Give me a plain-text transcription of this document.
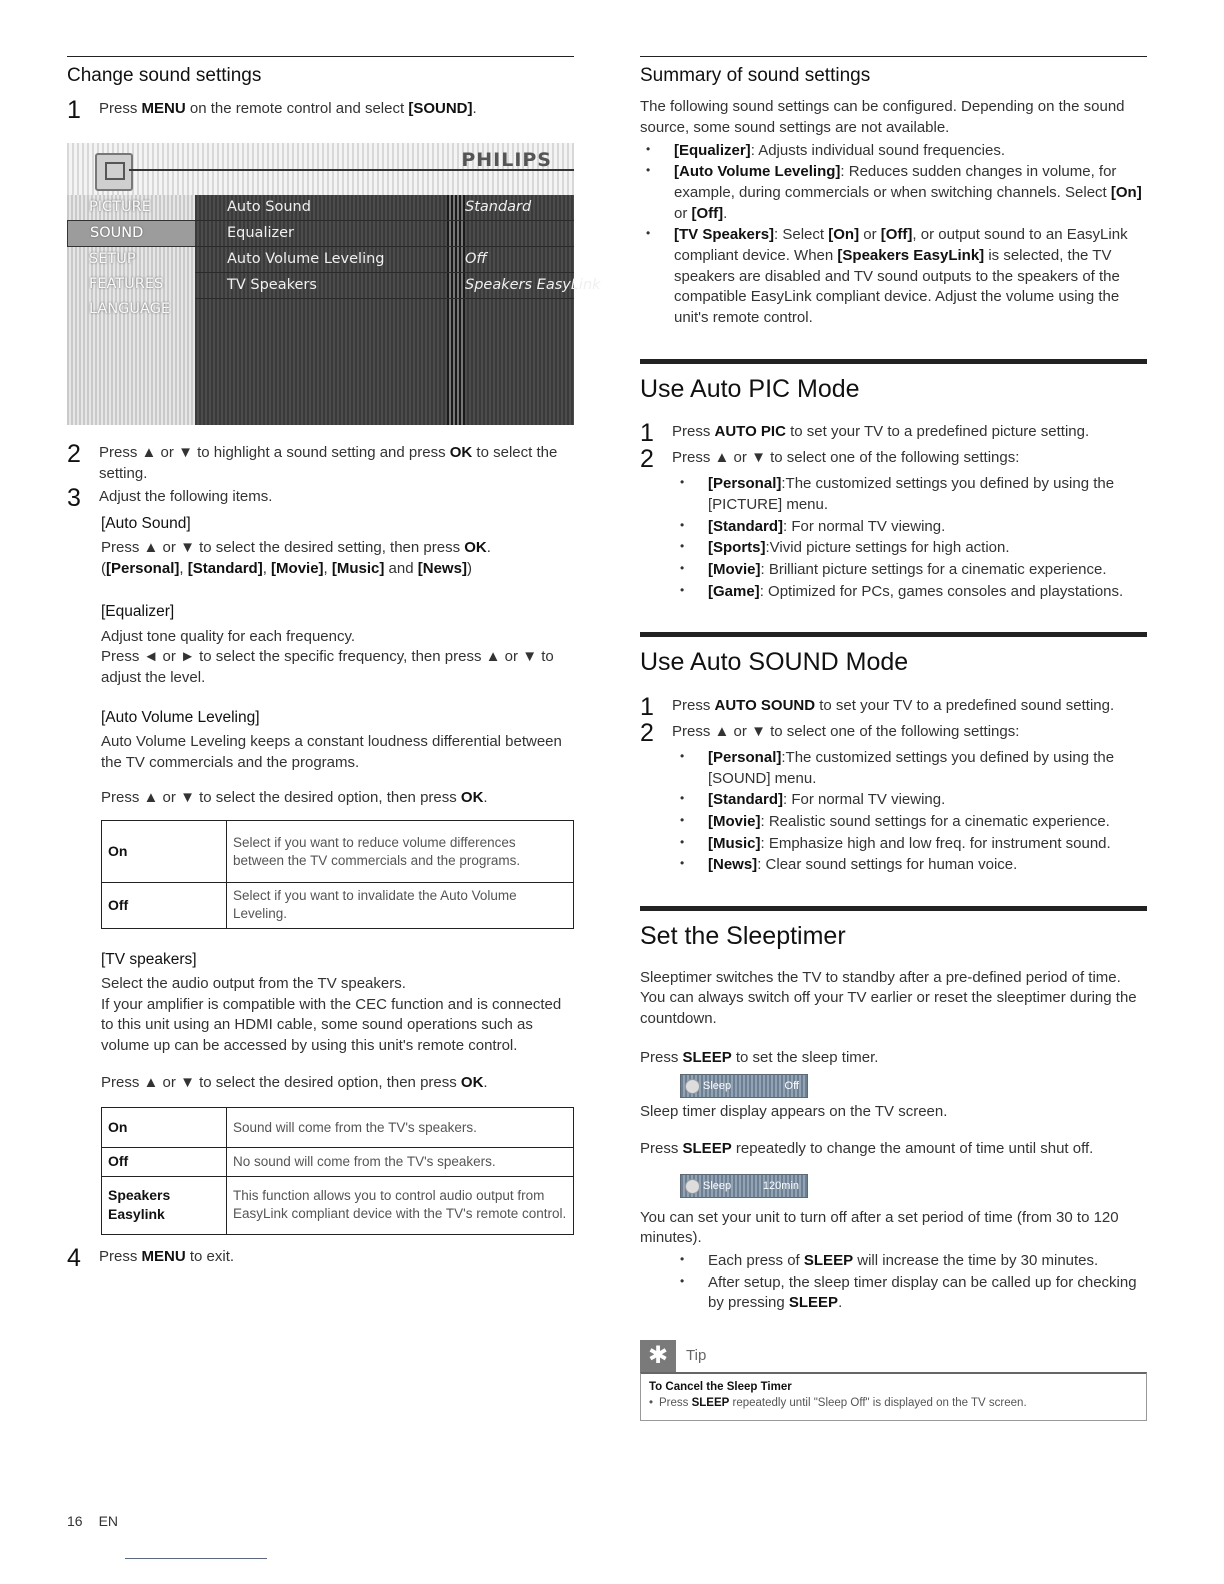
Change sound settings
1	Press MENU on the remote control and select [SOUND].
PHILIPS
PICTURE
SOUND
SETUP
FEATURES
LANGUAGE
Auto Sound	Standard
Equalizer
Auto Volume Leveling	Off
TV Speakers	Speakers EasyLink
2	Press ▲ or ▼ to highlight a sound setting and press OK to select the setting.
3	Adjust the following items.
[Auto Sound]

Press ▲ or ▼ to select the desired setting, then press OK.
([Personal], [Standard], [Movie], [Music] and [News])

[Equalizer]

Adjust tone quality for each frequency.

Press ◄ or ► to select the specific frequency, then press ▲ or ▼ to adjust the level.

[Auto Volume Leveling]

Auto Volume Leveling keeps a constant loudness differential between the TV commercials and the programs.

Press ▲ or ▼ to select the desired option, then press OK.

On	Select if you want to reduce volume differences between the TV commercials and the programs.
Off	Select if you want to invalidate the Auto Volume Leveling.
[TV speakers]

Select the audio output from the TV speakers.

If your amplifier is compatible with the CEC function and is connected to this unit using an HDMI cable, some sound operations such as volume up can be accessed by using this unit's remote control.

Press ▲ or ▼ to select the desired option, then press OK.

On	Sound will come from the TV's speakers.
Off	No sound will come from the TV's speakers.
Speakers Easylink	This function allows you to control audio output from EasyLink compliant device with the TV's remote control.
4	Press MENU to exit.
Summary of sound settings

The following sound settings can be configured. Depending on the sound source, some sound settings are not available.

• [Equalizer]: Adjusts individual sound frequencies.
• [Auto Volume Leveling]: Reduces sudden changes in volume, for example, during commercials or when switching channels. Select [On] or [Off].
• [TV Speakers]: Select [On] or [Off], or output sound to an EasyLink compliant device. When [Speakers EasyLink] is selected, the TV speakers are disabled and TV sound outputs to the speakers of the compatible EasyLink compliant device. Adjust the volume using the unit's remote control.
Use Auto PIC Mode
1	Press AUTO PIC to set your TV to a predefined picture setting.
2	Press ▲ or ▼ to select one of the following settings:
• [Personal]:The customized settings you defined by using the [PICTURE] menu.
• [Standard]: For normal TV viewing.
• [Sports]:Vivid picture settings for high action.
• [Movie]: Brilliant picture settings for a cinematic experience.
• [Game]: Optimized for PCs, games consoles and playstations.
Use Auto SOUND Mode
1	Press AUTO SOUND to set your TV to a predefined sound setting.
2	Press ▲ or ▼ to select one of the following settings:
• [Personal]:The customized settings you defined by using the [SOUND] menu.
• [Standard]: For normal TV viewing.
• [Movie]: Realistic sound settings for a cinematic experience.
• [Music]: Emphasize high and low freq. for instrument sound.
• [News]: Clear sound settings for human voice.
Set the Sleeptimer

Sleeptimer switches the TV to standby after a pre-defined period of time. You can always switch off your TV earlier or reset the sleeptimer during the countdown.

Press SLEEP to set the sleep timer.

Sleep	Off

Sleep timer display appears on the TV screen.

Press SLEEP repeatedly to change the amount of time until shut off.

Sleep	120min

You can set your unit to turn off after a set period of time (from 30 to 120 minutes).

• Each press of SLEEP will increase the time by 30 minutes.
• After setup, the sleep timer display can be called up for checking by pressing SLEEP.
✱	Tip
To Cancel the Sleep Timer
• Press SLEEP repeatedly until "Sleep Off" is displayed on the TV screen.
16 EN
